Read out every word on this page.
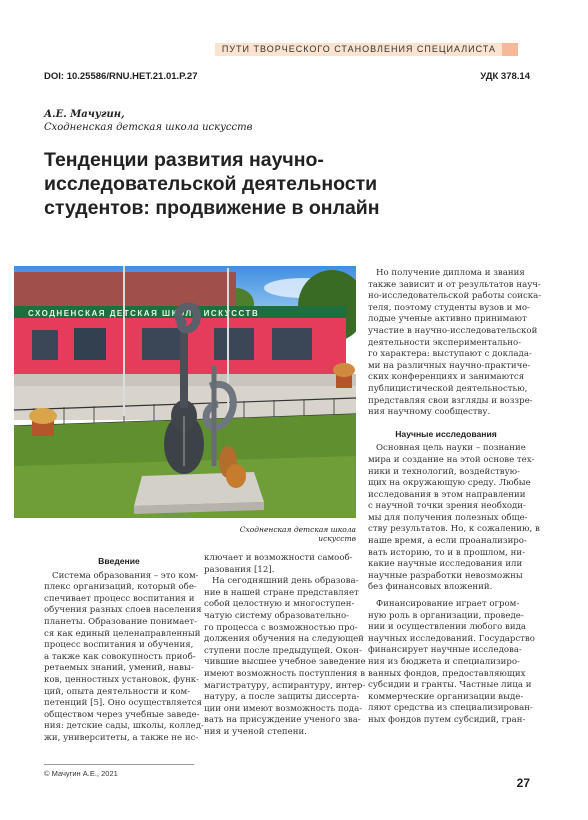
ПУТИ ТВОРЧЕСКОГО СТАНОВЛЕНИЯ СПЕЦИАЛИСТА
DOI: 10.25586/RNU.HET.21.01.P.27	УДК 378.14
А.Е. Мачугин,
Сходненская детская школа искусств
Тенденции развития научно-
исследовательской деятельности
студентов: продвижение в онлайн
СХОДНЕНСКАЯ ДЕТСКАЯ ШКОЛА ИСКУССТВ
Сходненская детская школа искусств
Введение
Система образования – это ком-
плекс организаций, который обе-
спечивает процесс воспитания и
обучения разных слоев населения
планеты. Образование понимает-
ся как единый целенаправленный
процесс воспитания и обучения,
а также как совокупность приоб-
ретаемых знаний, умений, навы-
ков, ценностных установок, функ-
ций, опыта деятельности и ком-
петенций [5]. Оно осуществляется
обществом через учебные заведе-
ния: детские сады, школы, коллед-
жи, университеты, а также не ис-
ключает и возможности самооб-
разования [12].
На сегодняшний день образова-
ние в нашей стране представляет
собой целостную и многоступен-
чатую систему образовательно-
го процесса с возможностью про-
должения обучения на следующей
ступени после предыдущей. Окон-
чившие высшее учебное заведение
имеют возможность поступления в
магистратуру, аспирантуру, интер-
натуру, а после защиты диссерта-
ции они имеют возможность пода-
вать на присуждение ученого зва-
ния и ученой степени.
Но получение диплома и звания
также зависит и от результатов науч-
но-исследовательской работы соиска-
теля, поэтому студенты вузов и мо-
лодые ученые активно принимают
участие в научно-исследовательской
деятельности экспериментально-
го характера: выступают с доклада-
ми на различных научно-практиче-
ских конференциях и занимаются
публицистической деятельностью,
представляя свои взгляды и воззре-
ния научному сообществу.
Научные исследования
Основная цель науки – познание
мира и создание на этой основе тех-
ники и технологий, воздействую-
щих на окружающую среду. Любые
исследования в этом направлении
с научной точки зрения необходи-
мы для получения полезных обще-
ству результатов. Но, к сожалению, в
наше время, а если проанализиро-
вать историю, то и в прошлом, ни-
какие научные исследования или
научные разработки невозможны
без финансовых вложений.
Финансирование играет огром-
ную роль в организации, проведе-
нии и осуществлении любого вида
научных исследований. Государство
финансирует научные исследова-
ния из бюджета и специализиро-
ванных фондов, предоставляющих
субсидии и гранты. Частные лица и
коммерческие организации выде-
ляют средства из специализирован-
ных фондов путем субсидий, гран-
© Мачугин А.Е., 2021
27
